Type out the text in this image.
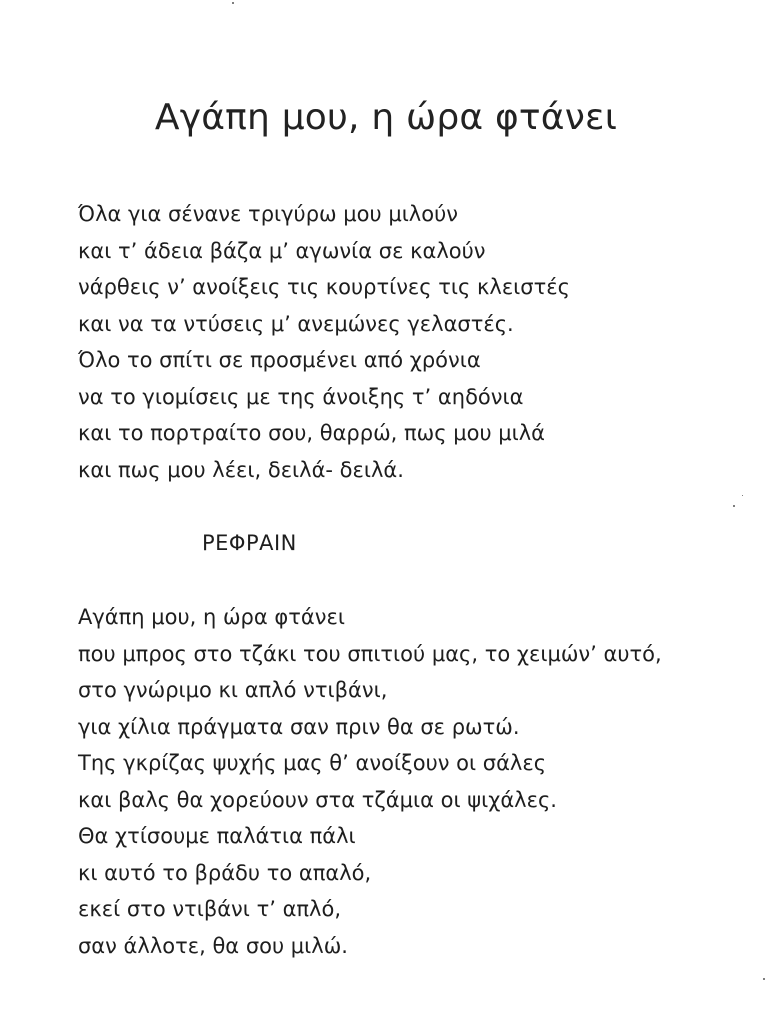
Αγάπη μου, η ώρα φτάνει
Όλα για σένανε τριγύρω μου μιλούν
και τ’ άδεια βάζα μ’ αγωνία σε καλούν
νάρθεις ν’ ανοίξεις τις κουρτίνες τις κλειστές
και να τα ντύσεις μ’ ανεμώνες γελαστές.
Όλο το σπίτι σε προσμένει από χρόνια
να το γιομίσεις με της άνοιξης τ’ αηδόνια
και το πορτραίτο σου, θαρρώ, πως μου μιλά
και πως μου λέει, δειλά- δειλά.
ΡΕΦΡΑΙΝ
Αγάπη μου, η ώρα φτάνει
που μπρος στο τζάκι του σπιτιού μας, το χειμών’ αυτό,
στο γνώριμο κι απλό ντιβάνι,
για χίλια πράγματα σαν πριν θα σε ρωτώ.
Της γκρίζας ψυχής μας θ’ ανοίξουν οι σάλες
και βαλς θα χορεύουν στα τζάμια οι ψιχάλες.
Θα χτίσουμε παλάτια πάλι
κι αυτό το βράδυ το απαλό,
εκεί στο ντιβάνι τ’ απλό,
σαν άλλοτε, θα σου μιλώ.
